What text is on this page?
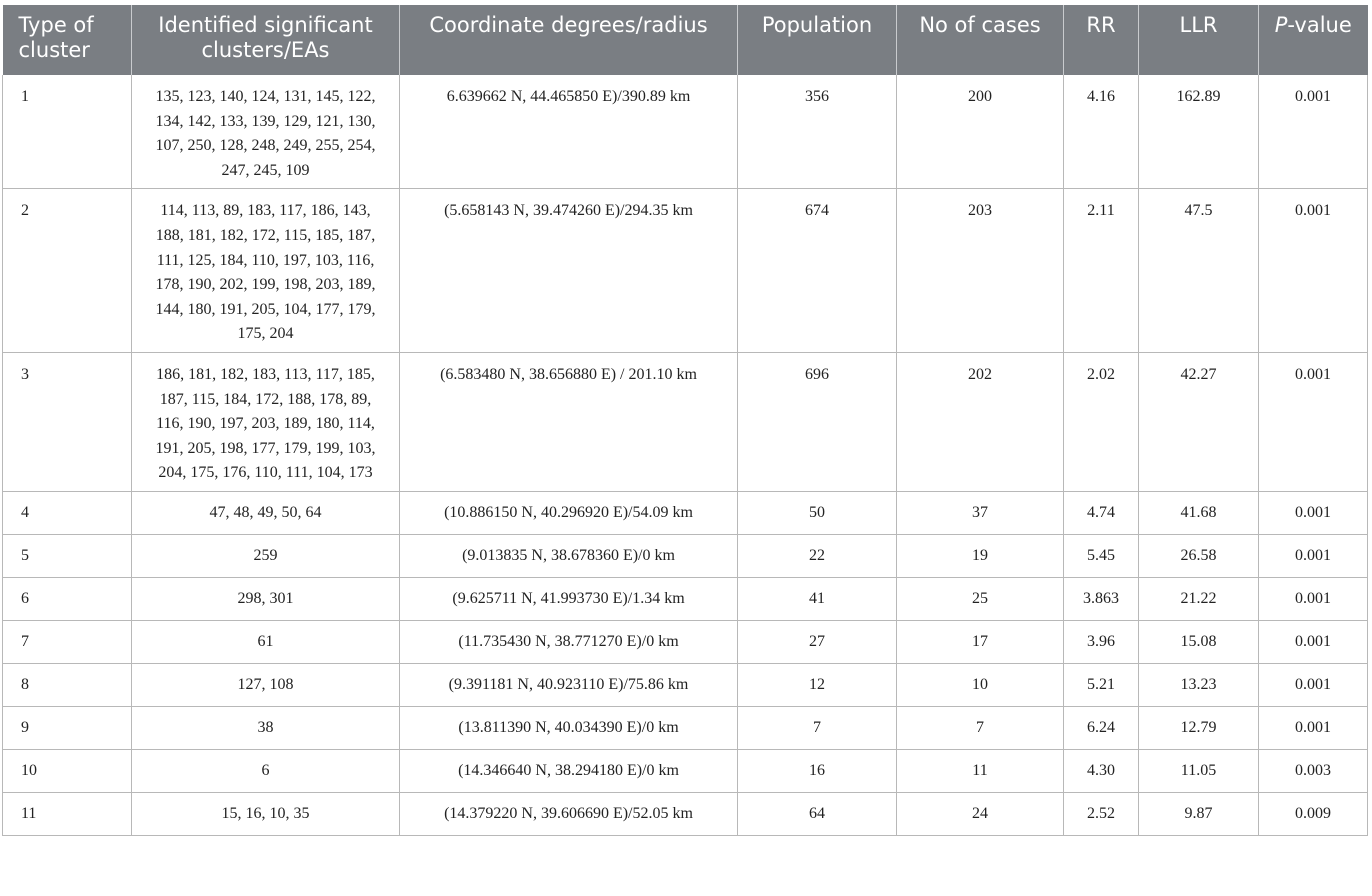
Type of cluster	Identified significant clusters/EAs	Coordinate degrees/radius	Population	No of cases	RR	LLR	P-value
1	135, 123, 140, 124, 131, 145, 122, 134, 142, 133, 139, 129, 121, 130, 107, 250, 128, 248, 249, 255, 254, 247, 245, 109	6.639662 N, 44.465850 E)/390.89 km	356	200	4.16	162.89	0.001
2	114, 113, 89, 183, 117, 186, 143, 188, 181, 182, 172, 115, 185, 187, 111, 125, 184, 110, 197, 103, 116, 178, 190, 202, 199, 198, 203, 189, 144, 180, 191, 205, 104, 177, 179, 175, 204	(5.658143 N, 39.474260 E)/294.35 km	674	203	2.11	47.5	0.001
3	186, 181, 182, 183, 113, 117, 185, 187, 115, 184, 172, 188, 178, 89, 116, 190, 197, 203, 189, 180, 114, 191, 205, 198, 177, 179, 199, 103, 204, 175, 176, 110, 111, 104, 173	(6.583480 N, 38.656880 E) / 201.10 km	696	202	2.02	42.27	0.001
4	47, 48, 49, 50, 64	(10.886150 N, 40.296920 E)/54.09 km	50	37	4.74	41.68	0.001
5	259	(9.013835 N, 38.678360 E)/0 km	22	19	5.45	26.58	0.001
6	298, 301	(9.625711 N, 41.993730 E)/1.34 km	41	25	3.863	21.22	0.001
7	61	(11.735430 N, 38.771270 E)/0 km	27	17	3.96	15.08	0.001
8	127, 108	(9.391181 N, 40.923110 E)/75.86 km	12	10	5.21	13.23	0.001
9	38	(13.811390 N, 40.034390 E)/0 km	7	7	6.24	12.79	0.001
10	6	(14.346640 N, 38.294180 E)/0 km	16	11	4.30	11.05	0.003
11	15, 16, 10, 35	(14.379220 N, 39.606690 E)/52.05 km	64	24	2.52	9.87	0.009
